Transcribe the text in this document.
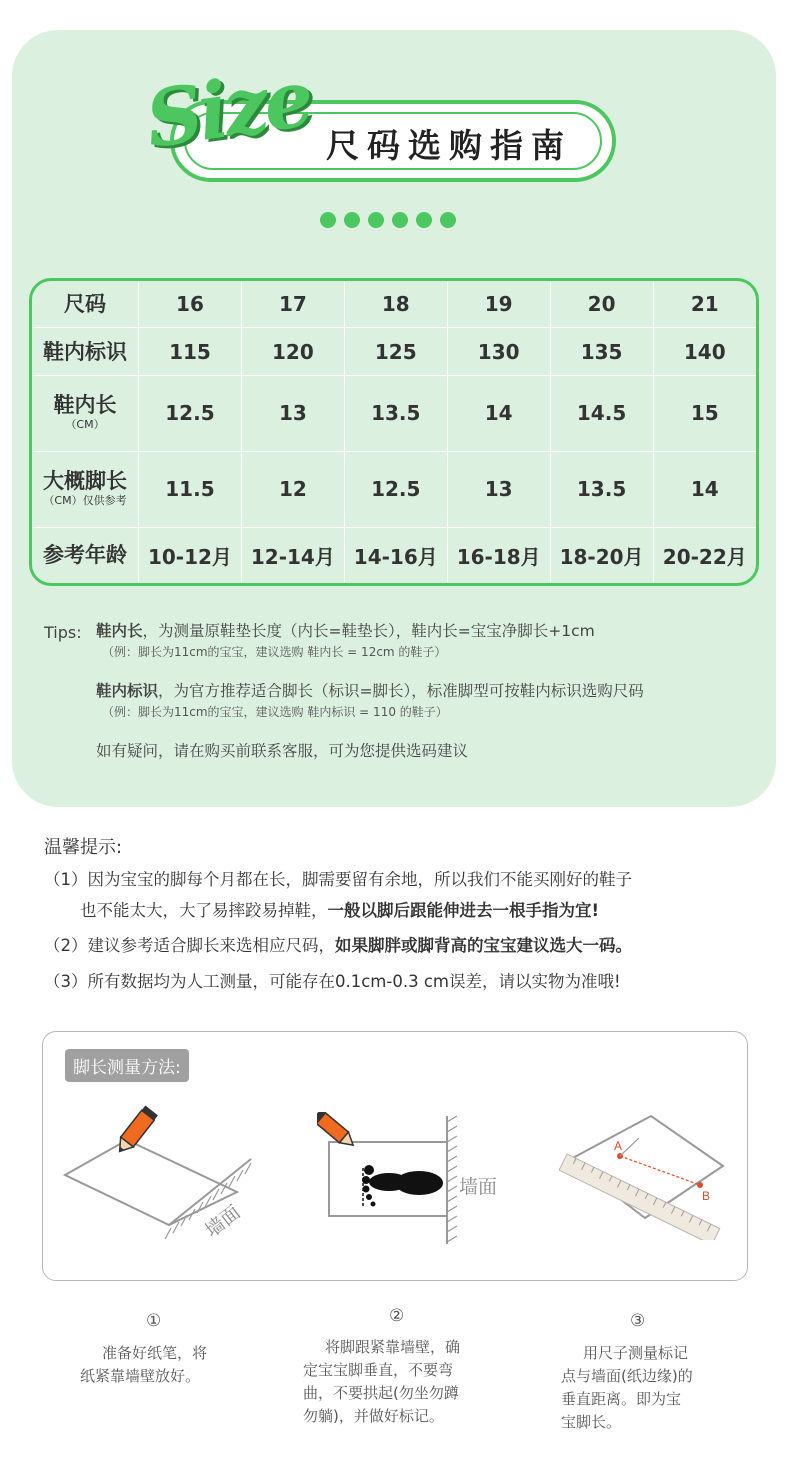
Size 尺码选购指南
尺码	16	17	18	19	20	21

鞋内标识	115	120	125	130	135	140

鞋内长
（CM）	12.5	13	13.5	14	14.5	15

大概脚长
（CM）仅供参考	11.5	12	12.5	13	13.5	14

参考年龄	10-12月	12-14月	14-16月	16-18月	18-20月	20-22月
Tips: 鞋内长，为测量原鞋垫长度（内长=鞋垫长），鞋内长=宝宝净脚长+1cm
（例：脚长为11cm的宝宝，建议选购 鞋内长 = 12cm 的鞋子）
鞋内标识，为官方推荐适合脚长（标识=脚长），标准脚型可按鞋内标识选购尺码
（例：脚长为11cm的宝宝，建议选购 鞋内标识 = 110 的鞋子）
如有疑问，请在购买前联系客服，可为您提供选码建议
温馨提示:
（1）因为宝宝的脚每个月都在长，脚需要留有余地，所以我们不能买刚好的鞋子
也不能太大，大了易摔跤易掉鞋，一般以脚后跟能伸进去一根手指为宜!
（2）建议参考适合脚长来选相应尺码，如果脚胖或脚背高的宝宝建议选大一码。
（3）所有数据均为人工测量，可能存在0.1cm-0.3 cm误差，请以实物为准哦!
脚长测量方法:
墙面
墙面
A
B
①
准备好纸笔，将
纸紧靠墙壁放好。
②
将脚跟紧靠墙壁，确
定宝宝脚垂直，不要弯
曲，不要拱起(勿坐勿蹲
勿躺)，并做好标记。
③
用尺子测量标记
点与墙面(纸边缘)的
垂直距离。即为宝
宝脚长。
